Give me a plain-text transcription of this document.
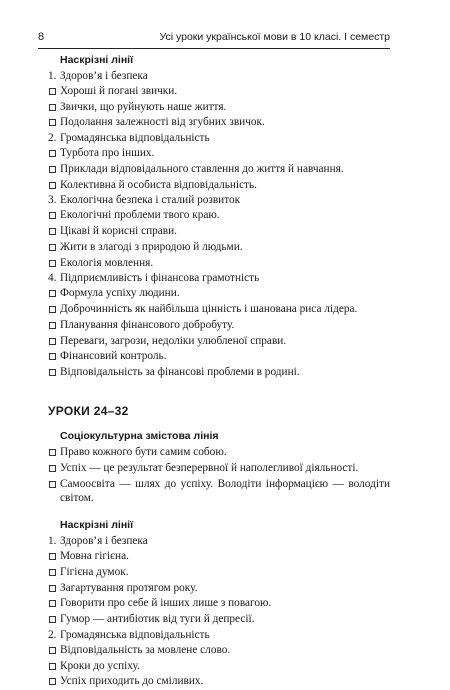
8	Усі уроки української мови в 10 класі. I семестр
Наскрізні лінії
1. Здоров’я і безпека
Хороші й погані звички.
Звички, що руйнують наше життя.
Подолання залежності від згубних звичок.
2. Громадянська відповідальність
Турбота про інших.
Приклади відповідального ставлення до життя й навчання.
Колективна й особиста відповідальність.
3. Екологічна безпека і сталий розвиток
Екологічні проблеми твого краю.
Цікаві й корисні справи.
Жити в злагоді з природою й людьми.
Екологія мовлення.
4. Підприємливість і фінансова грамотність
Формула успіху людини.
Доброчинність як найбільша цінність і шанована риса лідера.
Планування фінансового добробуту.
Переваги, загрози, недоліки улюбленої справи.
Фінансовий контроль.
Відповідальність за фінансові проблеми в родині.
УРОКИ 24–32
Соціокультурна змістова лінія
Право кожного бути самим собою.
Успіх — це результат безперервної й наполегливої діяльності.
Самоосвіта — шлях до успіху. Володіти інформацією — володіти світом.
Наскрізні лінії
1. Здоров’я і безпека
Мовна гігієна.
Гігієна думок.
Загартування протягом року.
Говорити про себе й інших лише з повагою.
Гумор — антибіотик від туги й депресії.
2. Громадянська відповідальність
Відповідальність за мовлене слово.
Кроки до успіху.
Успіх приходить до сміливих.
